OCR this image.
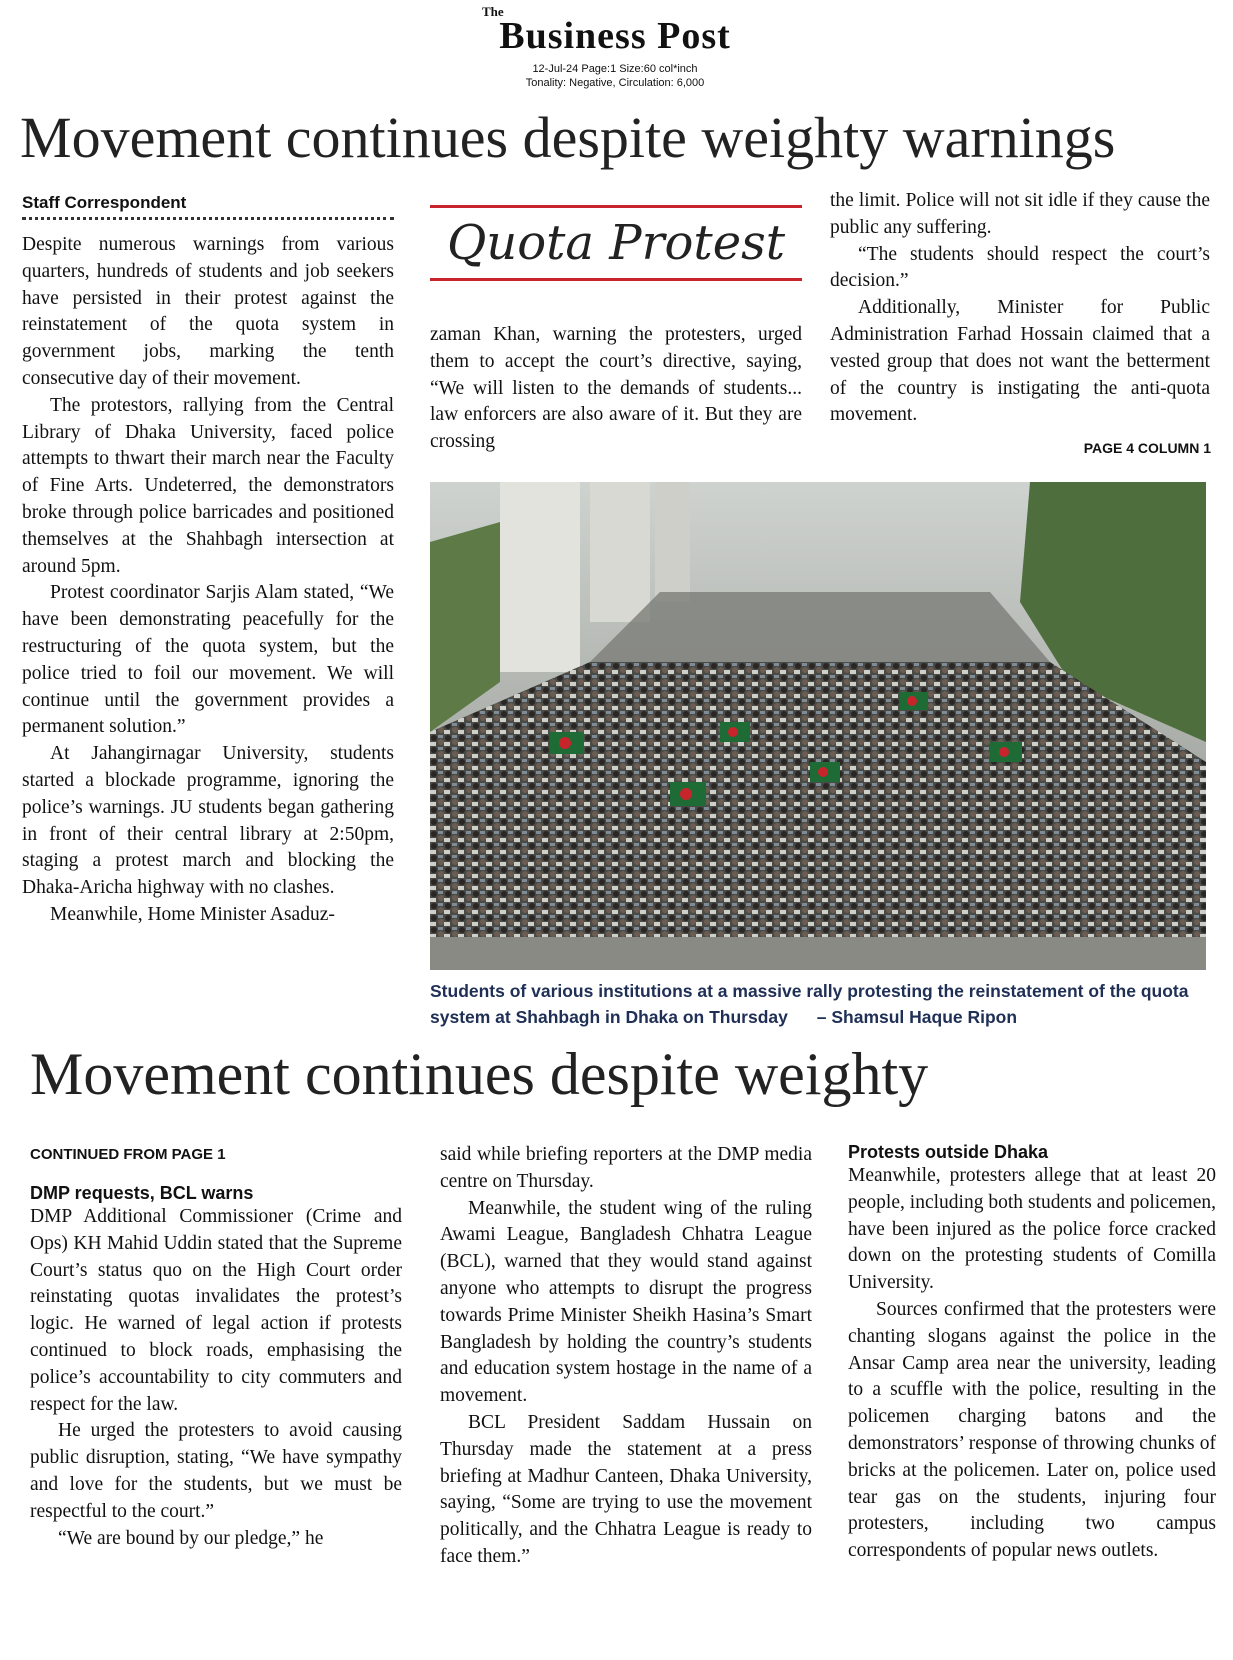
The
Business Post
12-Jul-24 Page:1 Size:60 col*inch
Tonality: Negative, Circulation: 6,000
Movement continues despite weighty warnings
Staff Correspondent

Despite numerous warnings from various quarters, hundreds of students and job seekers have persisted in their protest against the reinstatement of the quota system in government jobs, marking the tenth consecutive day of their movement.

The protestors, rallying from the Central Library of Dhaka University, faced police attempts to thwart their march near the Faculty of Fine Arts. Undeterred, the demonstrators broke through police barricades and positioned themselves at the Shahbagh intersection at around 5pm.

Protest coordinator Sarjis Alam stated, “We have been demonstrating peacefully for the restructuring of the quota system, but the police tried to foil our movement. We will continue until the government provides a permanent solution.”

At Jahangirnagar University, students started a blockade programme, ignoring the police’s warnings. JU students began gathering in front of their central library at 2:50pm, staging a protest march and blocking the Dhaka-Aricha highway with no clashes.

Meanwhile, Home Minister Asaduz-

Quota Protest

zaman Khan, warning the protesters, urged them to accept the court’s directive, saying, “We will listen to the demands of students... law enforcers are also aware of it. But they are crossing

the limit. Police will not sit idle if they cause the public any suffering.

“The students should respect the court’s decision.”

Additionally, Minister for Public Administration Farhad Hossain claimed that a vested group that does not want the betterment of the country is instigating the anti-quota movement.

PAGE 4 COLUMN 1
Students of various institutions at a massive rally protesting the reinstatement of the quota system at Shahbagh in Dhaka on Thursday – Shamsul Haque Ripon
Movement continues despite weighty
CONTINUED FROM PAGE 1
DMP requests, BCL warns

DMP Additional Commissioner (Crime and Ops) KH Mahid Uddin stated that the Supreme Court’s status quo on the High Court order reinstating quotas invalidates the protest’s logic. He warned of legal action if protests continued to block roads, emphasising the police’s accountability to city commuters and respect for the law.

He urged the protesters to avoid causing public disruption, stating, “We have sympathy and love for the students, but we must be respectful to the court.”

“We are bound by our pledge,” he

said while briefing reporters at the DMP media centre on Thursday.

Meanwhile, the student wing of the ruling Awami League, Bangladesh Chhatra League (BCL), warned that they would stand against anyone who attempts to disrupt the progress towards Prime Minister Sheikh Hasina’s Smart Bangladesh by holding the country’s students and education system hostage in the name of a movement.

BCL President Saddam Hussain on Thursday made the statement at a press briefing at Madhur Canteen, Dhaka University, saying, “Some are trying to use the movement politically, and the Chhatra League is ready to face them.”

Protests outside Dhaka

Meanwhile, protesters allege that at least 20 people, including both students and policemen, have been injured as the police force cracked down on the protesting students of Comilla University.

Sources confirmed that the protesters were chanting slogans against the police in the Ansar Camp area near the university, leading to a scuffle with the police, resulting in the policemen charging batons and the demonstrators’ response of throwing chunks of bricks at the policemen. Later on, police used tear gas on the students, injuring four protesters, including two campus correspondents of popular news outlets.
